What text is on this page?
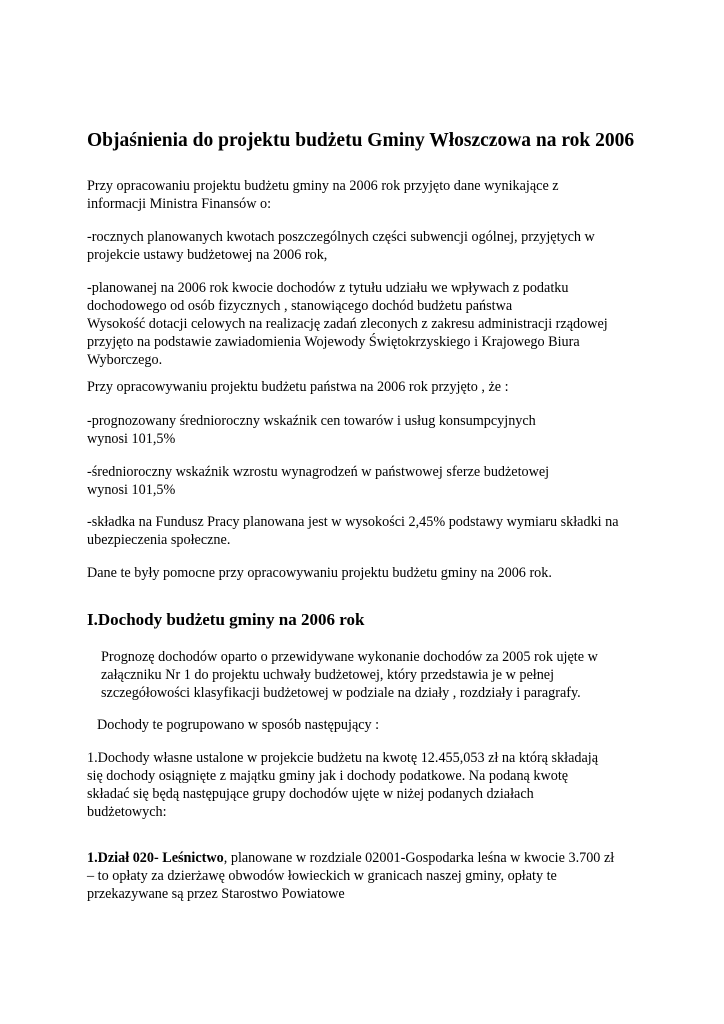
Objaśnienia do projektu budżetu Gminy Włoszczowa na rok 2006
Przy opracowaniu projektu budżetu gminy na 2006 rok przyjęto dane wynikające z
informacji Ministra Finansów o:
-rocznych planowanych kwotach poszczególnych części subwencji ogólnej, przyjętych w
projekcie ustawy budżetowej na 2006 rok,
-planowanej na 2006 rok kwocie dochodów z tytułu udziału we wpływach z podatku
dochodowego od osób fizycznych , stanowiącego dochód budżetu państwa
Wysokość dotacji celowych na realizację zadań zleconych z zakresu administracji rządowej
przyjęto na podstawie zawiadomienia Wojewody Świętokrzyskiego i Krajowego Biura
Wyborczego.
Przy opracowywaniu projektu budżetu państwa na 2006 rok przyjęto , że :
-prognozowany średnioroczny wskaźnik cen towarów i usług konsumpcyjnych
wynosi 101,5%
-średnioroczny wskaźnik wzrostu wynagrodzeń w państwowej sferze budżetowej
wynosi 101,5%
-składka na Fundusz Pracy planowana jest w wysokości 2,45% podstawy wymiaru składki na
ubezpieczenia społeczne.
Dane te były pomocne przy opracowywaniu projektu budżetu gminy na 2006 rok.
I.Dochody budżetu gminy na 2006 rok
Prognozę dochodów oparto o przewidywane wykonanie dochodów za 2005 rok ujęte w
załączniku Nr 1 do projektu uchwały budżetowej, który przedstawia je w pełnej
szczegółowości klasyfikacji budżetowej w podziale na działy , rozdziały i paragrafy.
Dochody te pogrupowano w sposób następujący :
1.Dochody własne ustalone w projekcie budżetu na kwotę 12.455,053 zł na którą składają
się dochody osiągnięte z majątku gminy jak i dochody podatkowe. Na podaną kwotę
składać się będą następujące grupy dochodów ujęte w niżej podanych działach
budżetowych:
1.Dział 020- Leśnictwo, planowane w rozdziale 02001-Gospodarka leśna w kwocie 3.700 zł
– to opłaty za dzierżawę obwodów łowieckich w granicach naszej gminy, opłaty te
przekazywane są przez Starostwo Powiatowe
